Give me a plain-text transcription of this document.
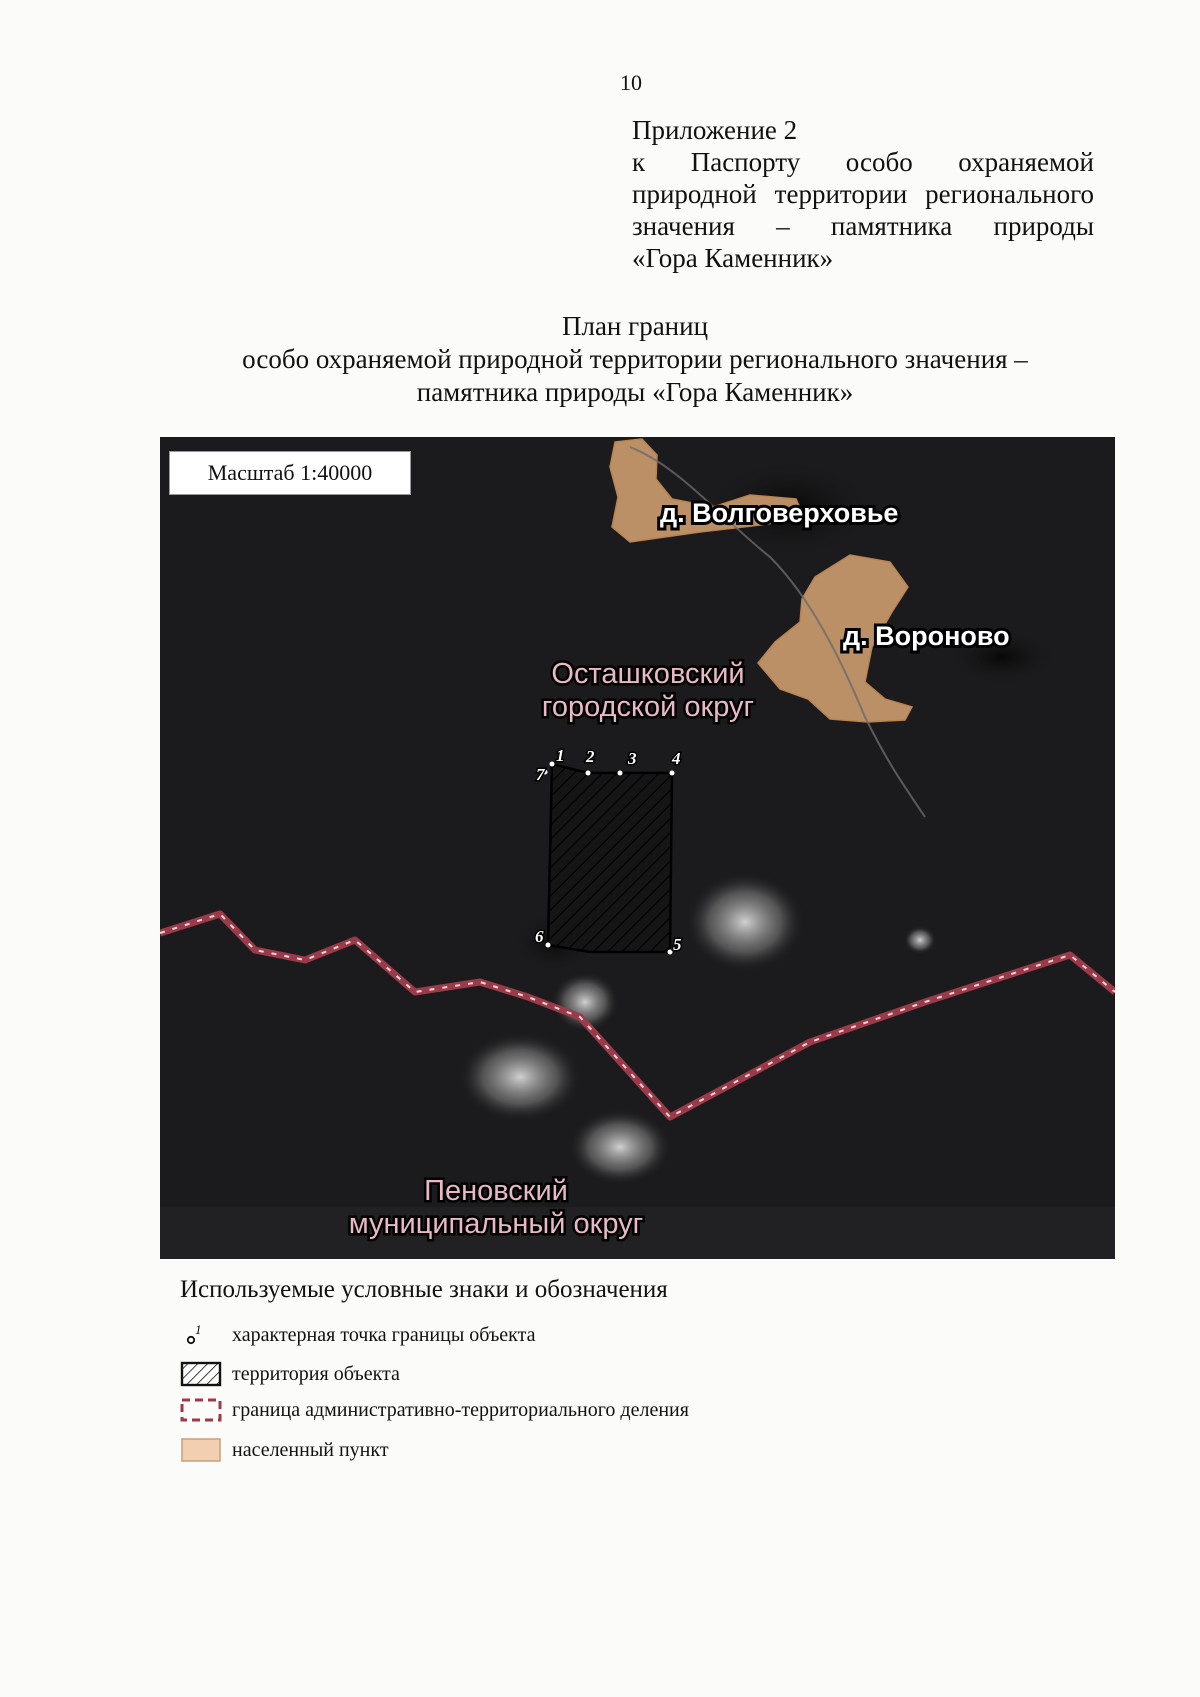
10
Приложение 2
к Паспорту особо охраняемой
природной территории регионального
значения – памятника природы
«Гора Каменник»
План границ
особо охраняемой природной территории регионального значения –
памятника природы «Гора Каменник»
1 2 3 4
5
6
7
д. Волговерховье
д. Вороново
Осташковский
городской округ
Пеновский
муниципальный округ
Масштаб 1:40000
Используемые условные знаки и обозначения
1 характерная точка границы объекта
территория объекта
граница административно-территориального деления
населенный пункт
